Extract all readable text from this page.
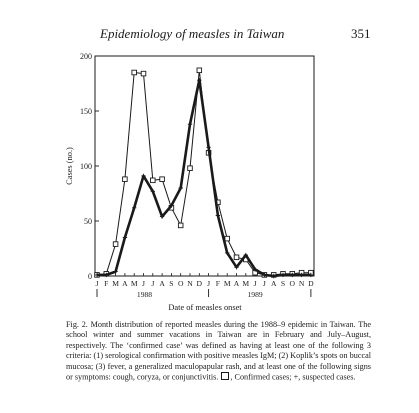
Epidemiology of measles in Taiwan	351
0
50
100
150
200
J F M A M J J A S O N D J F M A M J J A S O N D
1988	1989
Date of measles onset
Cases (no.)
Fig. 2. Month distribution of reported measles during the 1988–9 epidemic in Taiwan. The school winter and summer vacations in Taiwan are in February and July–August, respectively. The ‘confirmed case’ was defined as having at least one of the following 3 criteria: (1) serological confirmation with positive measles IgM; (2) Koplik’s spots on buccal mucosa; (3) fever, a generalized maculopapular rash, and at least one of the following signs or symptoms: cough, coryza, or conjunctivitis. , Confirmed cases; +, suspected cases.
